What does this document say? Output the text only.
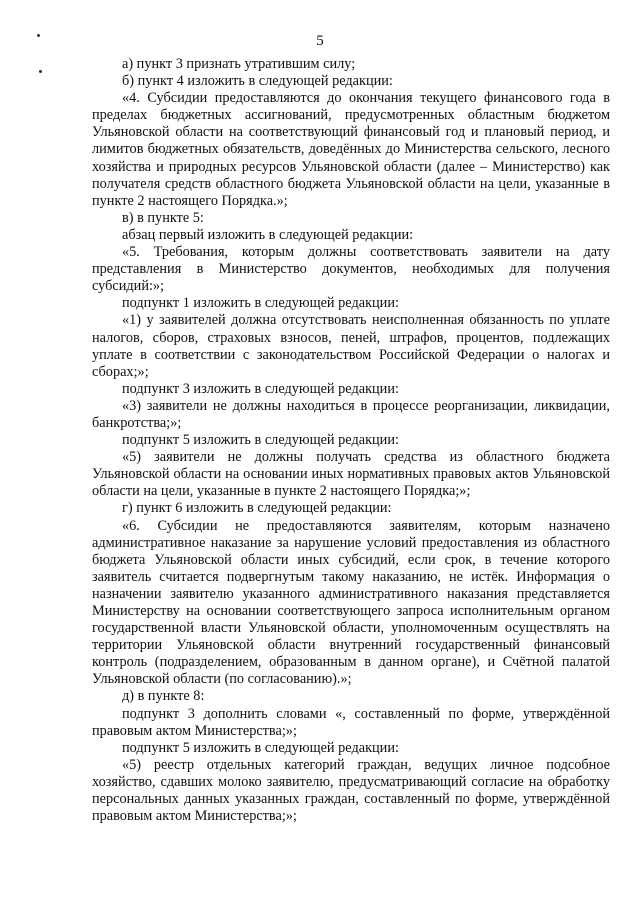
5

а) пункт 3 признать утратившим силу;

б) пункт 4 изложить в следующей редакции:

«4. Субсидии предоставляются до окончания текущего финансового года в пределах бюджетных ассигнований, предусмотренных областным бюджетом Ульяновской области на соответствующий финансовый год и плановый период, и лимитов бюджетных обязательств, доведённых до Министерства сельского, лесного хозяйства и природных ресурсов Ульяновской области (далее – Министерство) как получателя средств областного бюджета Ульяновской области на цели, указанные в пункте 2 настоящего Порядка.»;

в) в пункте 5:

абзац первый изложить в следующей редакции:

«5. Требования, которым должны соответствовать заявители на дату представления в Министерство документов, необходимых для получения субсидий:»;

подпункт 1 изложить в следующей редакции:

«1) у заявителей должна отсутствовать неисполненная обязанность по уплате налогов, сборов, страховых взносов, пеней, штрафов, процентов, подлежащих уплате в соответствии с законодательством Российской Федерации о налогах и сборах;»;

подпункт 3 изложить в следующей редакции:

«3) заявители не должны находиться в процессе реорганизации, ликвидации, банкротства;»;

подпункт 5 изложить в следующей редакции:

«5) заявители не должны получать средства из областного бюджета Ульяновской области на основании иных нормативных правовых актов Ульяновской области на цели, указанные в пункте 2 настоящего Порядка;»;

г) пункт 6 изложить в следующей редакции:

«6. Субсидии не предоставляются заявителям, которым назначено административное наказание за нарушение условий предоставления из областного бюджета Ульяновской области иных субсидий, если срок, в течение которого заявитель считается подвергнутым такому наказанию, не истёк. Информация о назначении заявителю указанного административного наказания представляется Министерству на основании соответствующего запроса исполнительным органом государственной власти Ульяновской области, уполномоченным осуществлять на территории Ульяновской области внутренний государственный финансовый контроль (подразделением, образованным в данном органе), и Счётной палатой Ульяновской области (по согласованию).»;

д) в пункте 8:

подпункт 3 дополнить словами «, составленный по форме, утверждённой правовым актом Министерства;»;

подпункт 5 изложить в следующей редакции:

«5) реестр отдельных категорий граждан, ведущих личное подсобное хозяйство, сдавших молоко заявителю, предусматривающий согласие на обработку персональных данных указанных граждан, составленный по форме, утверждённой правовым актом Министерства;»;
